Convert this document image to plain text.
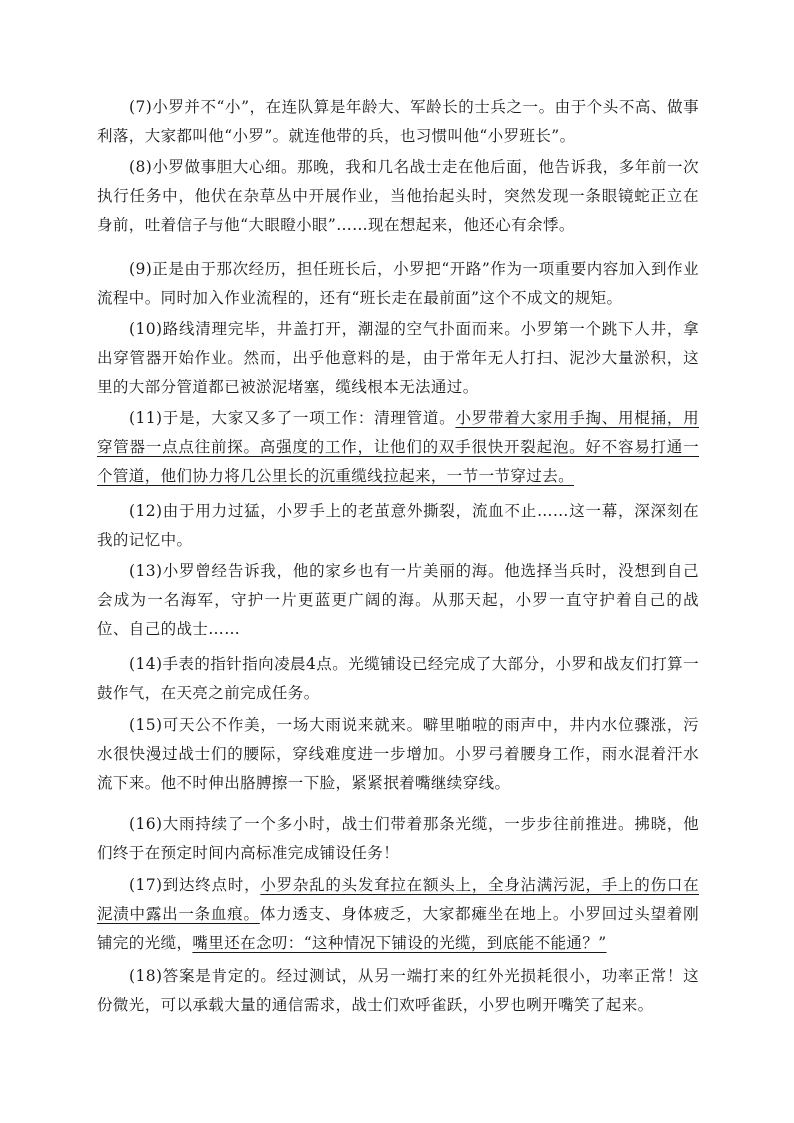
(7)小罗并不“小”，在连队算是年龄大、军龄长的士兵之一。由于个头不高、做事利落，大家都叫他“小罗”。就连他带的兵，也习惯叫他“小罗班长”。

(8)小罗做事胆大心细。那晚，我和几名战士走在他后面，他告诉我，多年前一次执行任务中，他伏在杂草丛中开展作业，当他抬起头时，突然发现一条眼镜蛇正立在身前，吐着信子与他“大眼瞪小眼”……现在想起来，他还心有余悸。

(9)正是由于那次经历，担任班长后，小罗把“开路”作为一项重要内容加入到作业流程中。同时加入作业流程的，还有“班长走在最前面”这个不成文的规矩。

(10)路线清理完毕，井盖打开，潮湿的空气扑面而来。小罗第一个跳下人井，拿出穿管器开始作业。然而，出乎他意料的是，由于常年无人打扫、泥沙大量淤积，这里的大部分管道都已被淤泥堵塞，缆线根本无法通过。

(11)于是，大家又多了一项工作：清理管道。小罗带着大家用手掏、用棍捅，用穿管器一点点往前探。高强度的工作，让他们的双手很快开裂起泡。好不容易打通一个管道，他们协力将几公里长的沉重缆线拉起来，一节一节穿过去。

(12)由于用力过猛，小罗手上的老茧意外撕裂，流血不止……这一幕，深深刻在我的记忆中。

(13)小罗曾经告诉我，他的家乡也有一片美丽的海。他选择当兵时，没想到自己会成为一名海军，守护一片更蓝更广阔的海。从那天起，小罗一直守护着自己的战位、自己的战士……

(14)手表的指针指向凌晨4点。光缆铺设已经完成了大部分，小罗和战友们打算一鼓作气，在天亮之前完成任务。

(15)可天公不作美，一场大雨说来就来。噼里啪啦的雨声中，井内水位骤涨，污水很快漫过战士们的腰际，穿线难度进一步增加。小罗弓着腰身工作，雨水混着汗水流下来。他不时伸出胳膊擦一下脸，紧紧抿着嘴继续穿线。

(16)大雨持续了一个多小时，战士们带着那条光缆，一步步往前推进。拂晓，他们终于在预定时间内高标准完成铺设任务！

(17)到达终点时，小罗杂乱的头发耷拉在额头上，全身沾满污泥，手上的伤口在泥渍中露出一条血痕。体力透支、身体疲乏，大家都瘫坐在地上。小罗回过头望着刚铺完的光缆，嘴里还在念叨：“这种情况下铺设的光缆，到底能不能通？”

(18)答案是肯定的。经过测试，从另一端打来的红外光损耗很小，功率正常！这份微光，可以承载大量的通信需求，战士们欢呼雀跃，小罗也咧开嘴笑了起来。
